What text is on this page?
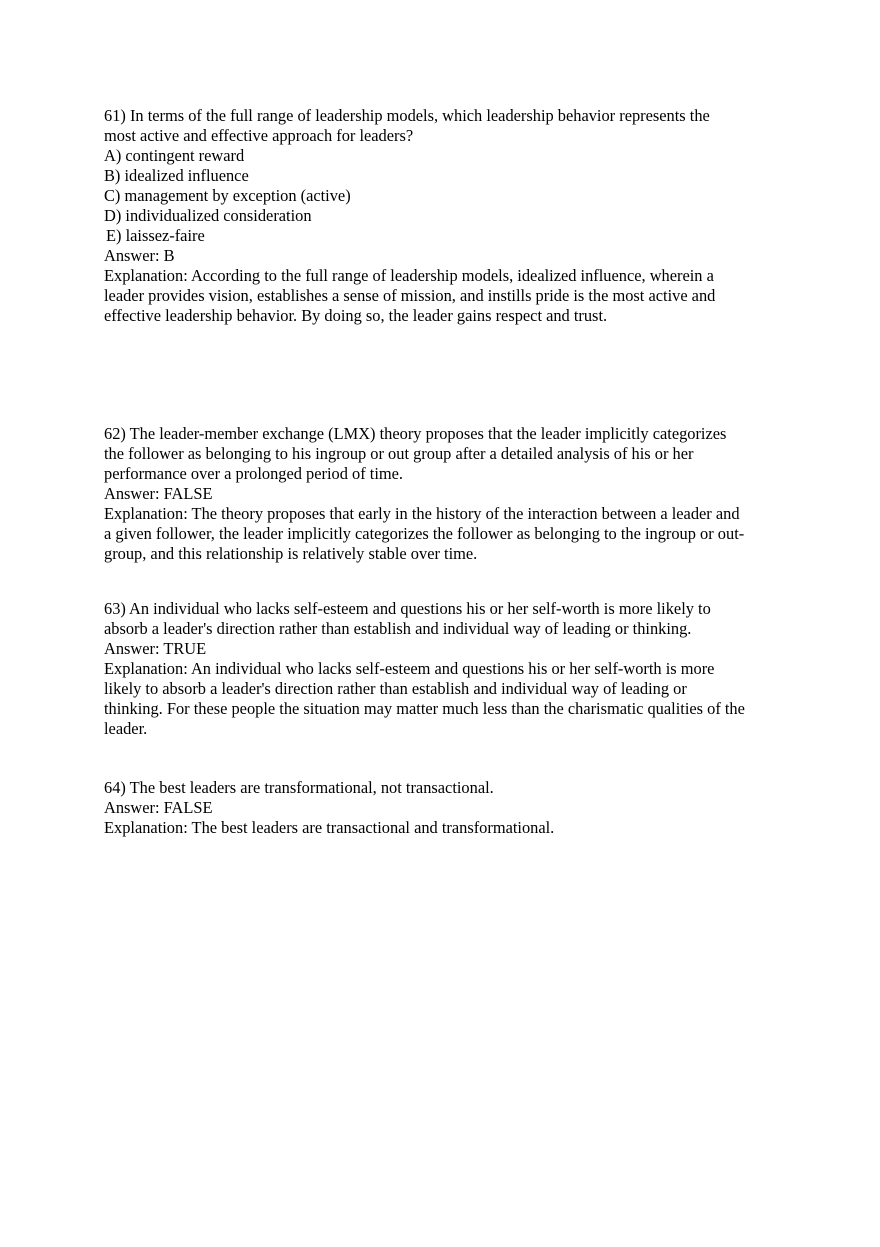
61) In terms of the full range of leadership models, which leadership behavior represents the

most active and effective approach for leaders?

A) contingent reward

B) idealized influence

C) management by exception (active)

D) individualized consideration

E) laissez-faire

Answer: B

Explanation: According to the full range of leadership models, idealized influence, wherein a

leader provides vision, establishes a sense of mission, and instills pride is the most active and

effective leadership behavior. By doing so, the leader gains respect and trust.

62) The leader-member exchange (LMX) theory proposes that the leader implicitly categorizes

the follower as belonging to his ingroup or out group after a detailed analysis of his or her

performance over a prolonged period of time.

Answer: FALSE

Explanation: The theory proposes that early in the history of the interaction between a leader and

a given follower, the leader implicitly categorizes the follower as belonging to the ingroup or out-

group, and this relationship is relatively stable over time.

63) An individual who lacks self-esteem and questions his or her self-worth is more likely to

absorb a leader's direction rather than establish and individual way of leading or thinking.

Answer: TRUE

Explanation: An individual who lacks self-esteem and questions his or her self-worth is more

likely to absorb a leader's direction rather than establish and individual way of leading or

thinking. For these people the situation may matter much less than the charismatic qualities of the

leader.

64) The best leaders are transformational, not transactional.

Answer: FALSE

Explanation: The best leaders are transactional and transformational.
